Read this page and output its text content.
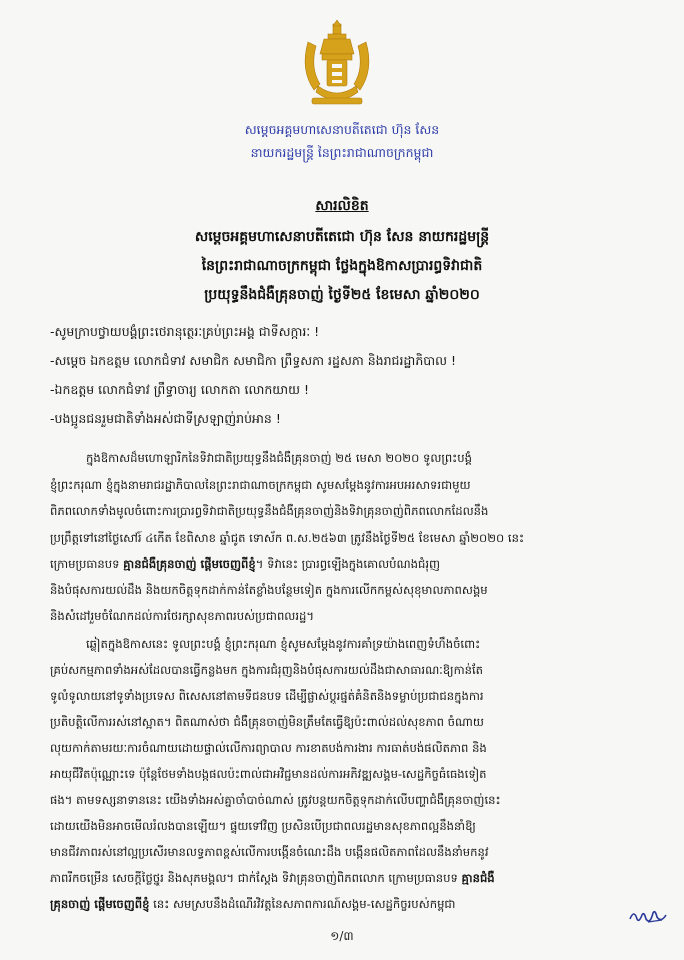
សម្តេចអគ្គមហាសេនាបតីតេជោ ហ៊ុន សែន
នាយករដ្ឋមន្ត្រី នៃព្រះរាជាណាចក្រកម្ពុជា
សារលិខិត
សម្តេចអគ្គមហាសេនាបតីតេជោ ហ៊ុន សែន នាយករដ្ឋមន្ត្រី
នៃព្រះរាជាណាចក្រកម្ពុជា ថ្លែងក្នុងឱកាសប្រារព្ធទិវាជាតិ
ប្រយុទ្ធនឹងជំងឺគ្រុនចាញ់ ថ្ងៃទី២៥ ខែមេសា ឆ្នាំ២០២០
-សូមក្រាបថ្វាយបង្គំព្រះថេរានុត្ថេរៈគ្រប់ព្រះអង្គ ជាទីសក្ការៈ !
-សម្តេច ឯកឧត្តម លោកជំទាវ សមាជិក សមាជិកា ព្រឹទ្ធសភា រដ្ឋសភា និងរាជរដ្ឋាភិបាល !
-ឯកឧត្តម លោកជំទាវ ព្រឹទ្ធាចារ្យ លោកតា លោកយាយ !
-បងប្អូនជនរួមជាតិទាំងអស់ជាទីស្រឡាញ់រាប់អាន !
ក្នុងឱកាសដ៏មហោឡារិកនៃទិវាជាតិប្រយុទ្ធនឹងជំងឺគ្រុនចាញ់ ២៥ មេសា ២០២០ ទូលព្រះបង្គំ
ខ្ញុំព្រះករុណា ខ្ញុំក្នុងនាមរាជរដ្ឋាភិបាលនៃព្រះរាជាណាចក្រកម្ពុជា សូមសម្តែងនូវការអបអរសាទរជាមួយ
ពិភពលោកទាំងមូលចំពោះការប្រារព្ធទិវាជាតិប្រយុទ្ធនឹងជំងឺគ្រុនចាញ់និងទិវាគ្រុនចាញ់ពិភពលោកដែលនឹង
ប្រព្រឹត្តទៅនៅថ្ងៃសៅរ៍ ៤កើត ខែពិសាខ ឆ្នាំជូត ទោស័ក ព.ស.២៥៦៣ ត្រូវនឹងថ្ងៃទី២៥ ខែមេសា ឆ្នាំ២០២០ នេះ
ក្រោមប្រធានបទ គ្មានជំងឺគ្រុនចាញ់ ផ្តើមចេញពីខ្ញុំ។ ទិវានេះ ប្រារព្ធឡើងក្នុងគោលបំណងជំរុញ
និងបំផុសការយល់ដឹង និងយកចិត្តទុកដាក់កាន់តែខ្លាំងបន្ថែមទៀត ក្នុងការលើកកម្ពស់សុខុមាលភាពសង្គម
និងសំដៅរួមចំណែកដល់ការថែរក្សាសុខភាពរបស់ប្រជាពលរដ្ឋ។
ឆ្លៀតក្នុងឱកាសនេះ ទូលព្រះបង្គំ ខ្ញុំព្រះករុណា ខ្ញុំសូមសម្តែងនូវការគាំទ្រយ៉ាងពេញទំហឹងចំពោះ
គ្រប់សកម្មភាពទាំងអស់ដែលបានធ្វើកន្លងមក ក្នុងការជំរុញនិងបំផុសការយល់ដឹងជាសាធារណៈឱ្យកាន់តែ
ទូលំទូលាយនៅទូទាំងប្រទេស ពិសេសនៅតាមទីជនបទ ដើម្បីផ្លាស់ប្តូរផ្នត់គំនិតនិងទម្លាប់ប្រជាជនក្នុងការ
ប្រតិបត្តិលើការរស់នៅស្អាត។ ពិតណាស់ថា ជំងឺគ្រុនចាញ់មិនត្រឹមតែធ្វើឱ្យប៉ះពាល់ដល់សុខភាព ចំណាយ
លុយកាក់តាមរយៈការចំណាយដោយផ្ទាល់លើការព្យាបាល ការខាតបង់ការងារ ការធាត់បង់ផលិតភាព និង
អាយុជីវិតប៉ុណ្ណោះទេ ប៉ុន្តែថែមទាំងបង្កផលប៉ះពាល់ជាអវិជ្ជមានដល់ការអភិវឌ្ឍសង្គម-សេដ្ឋកិច្ចធំធេងទៀត
ផង។ តាមទស្សនាទាននេះ យើងទាំងអស់គ្នាចាំបាច់ណាស់ ត្រូវបន្តយកចិត្តទុកដាក់លើបញ្ហាជំងឺគ្រុនចាញ់នេះ
ដោយយើងមិនអាចមើលរំលងបានឡើយ។ ផ្ទុយទៅវិញ ប្រសិនបើប្រជាពលរដ្ឋមានសុខភាពល្អនឹងនាំឱ្យ
មានជីវភាពរស់នៅល្អប្រសើរមានលទ្ធភាពខ្ពស់លើការបង្កើនចំណេះដឹង បង្កើនផលិតភាពដែលនឹងនាំមកនូវ
ភាពរីកចម្រើន សេចក្តីថ្លៃថ្នូរ និងសុភមង្គល។ ជាក់ស្តែង ទិវាគ្រុនចាញ់ពិភពលោក ក្រោមប្រធានបទ គ្មានជំងឺ
គ្រុនចាញ់ ផ្តើមចេញពីខ្ញុំ នេះ សមស្របនឹងដំណើរវិវត្តនៃសភាពការណ៍សង្គម-សេដ្ឋកិច្ចរបស់កម្ពុជា
១/៣
